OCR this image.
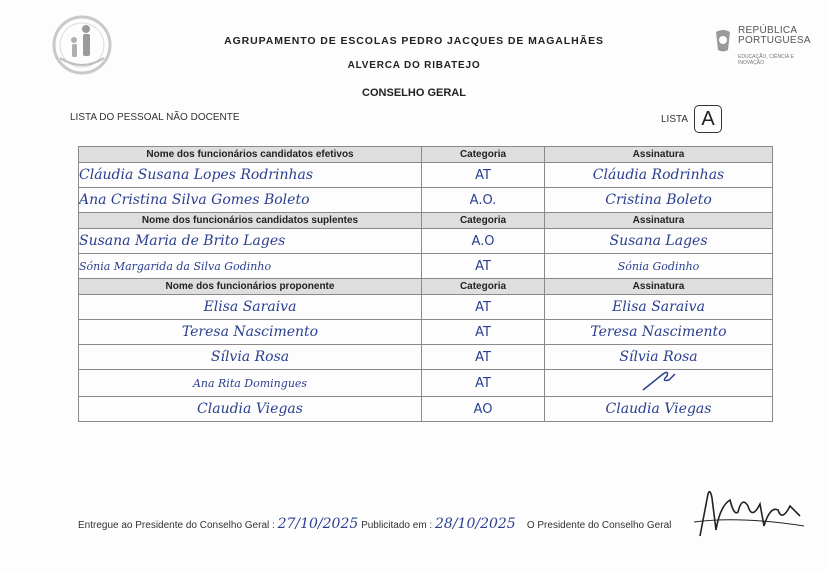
REPÚBLICA
PORTUGUESA
EDUCAÇÃO, CIÊNCIA E INOVAÇÃO
AGRUPAMENTO DE ESCOLAS PEDRO JACQUES DE MAGALHÃES
ALVERCA DO RIBATEJO
CONSELHO GERAL
LISTA DO PESSOAL NÃO DOCENTE	LISTA A
Nome dos funcionários candidatos efetivos	Categoria	Assinatura
Cláudia Susana Lopes Rodrinhas	AT	Cláudia Rodrinhas
Ana Cristina Silva Gomes Boleto	A.O.	Cristina Boleto
Nome dos funcionários candidatos suplentes	Categoria	Assinatura
Susana Maria de Brito Lages	A.O	Susana Lages
Sónia Margarida da Silva Godinho	AT	Sónia Godinho
Nome dos funcionários proponente	Categoria	Assinatura
Elisa Saraiva	AT	Elisa Saraiva
Teresa Nascimento	AT	Teresa Nascimento
Sílvia Rosa	AT	Sílvia Rosa
Ana Rita Domingues	AT	
Claudia Viegas	AO	Claudia Viegas
Entregue ao Presidente do Conselho Geral : 27/10/2025 Publicitado em : 28/10/2025 O Presidente do Conselho Geral
